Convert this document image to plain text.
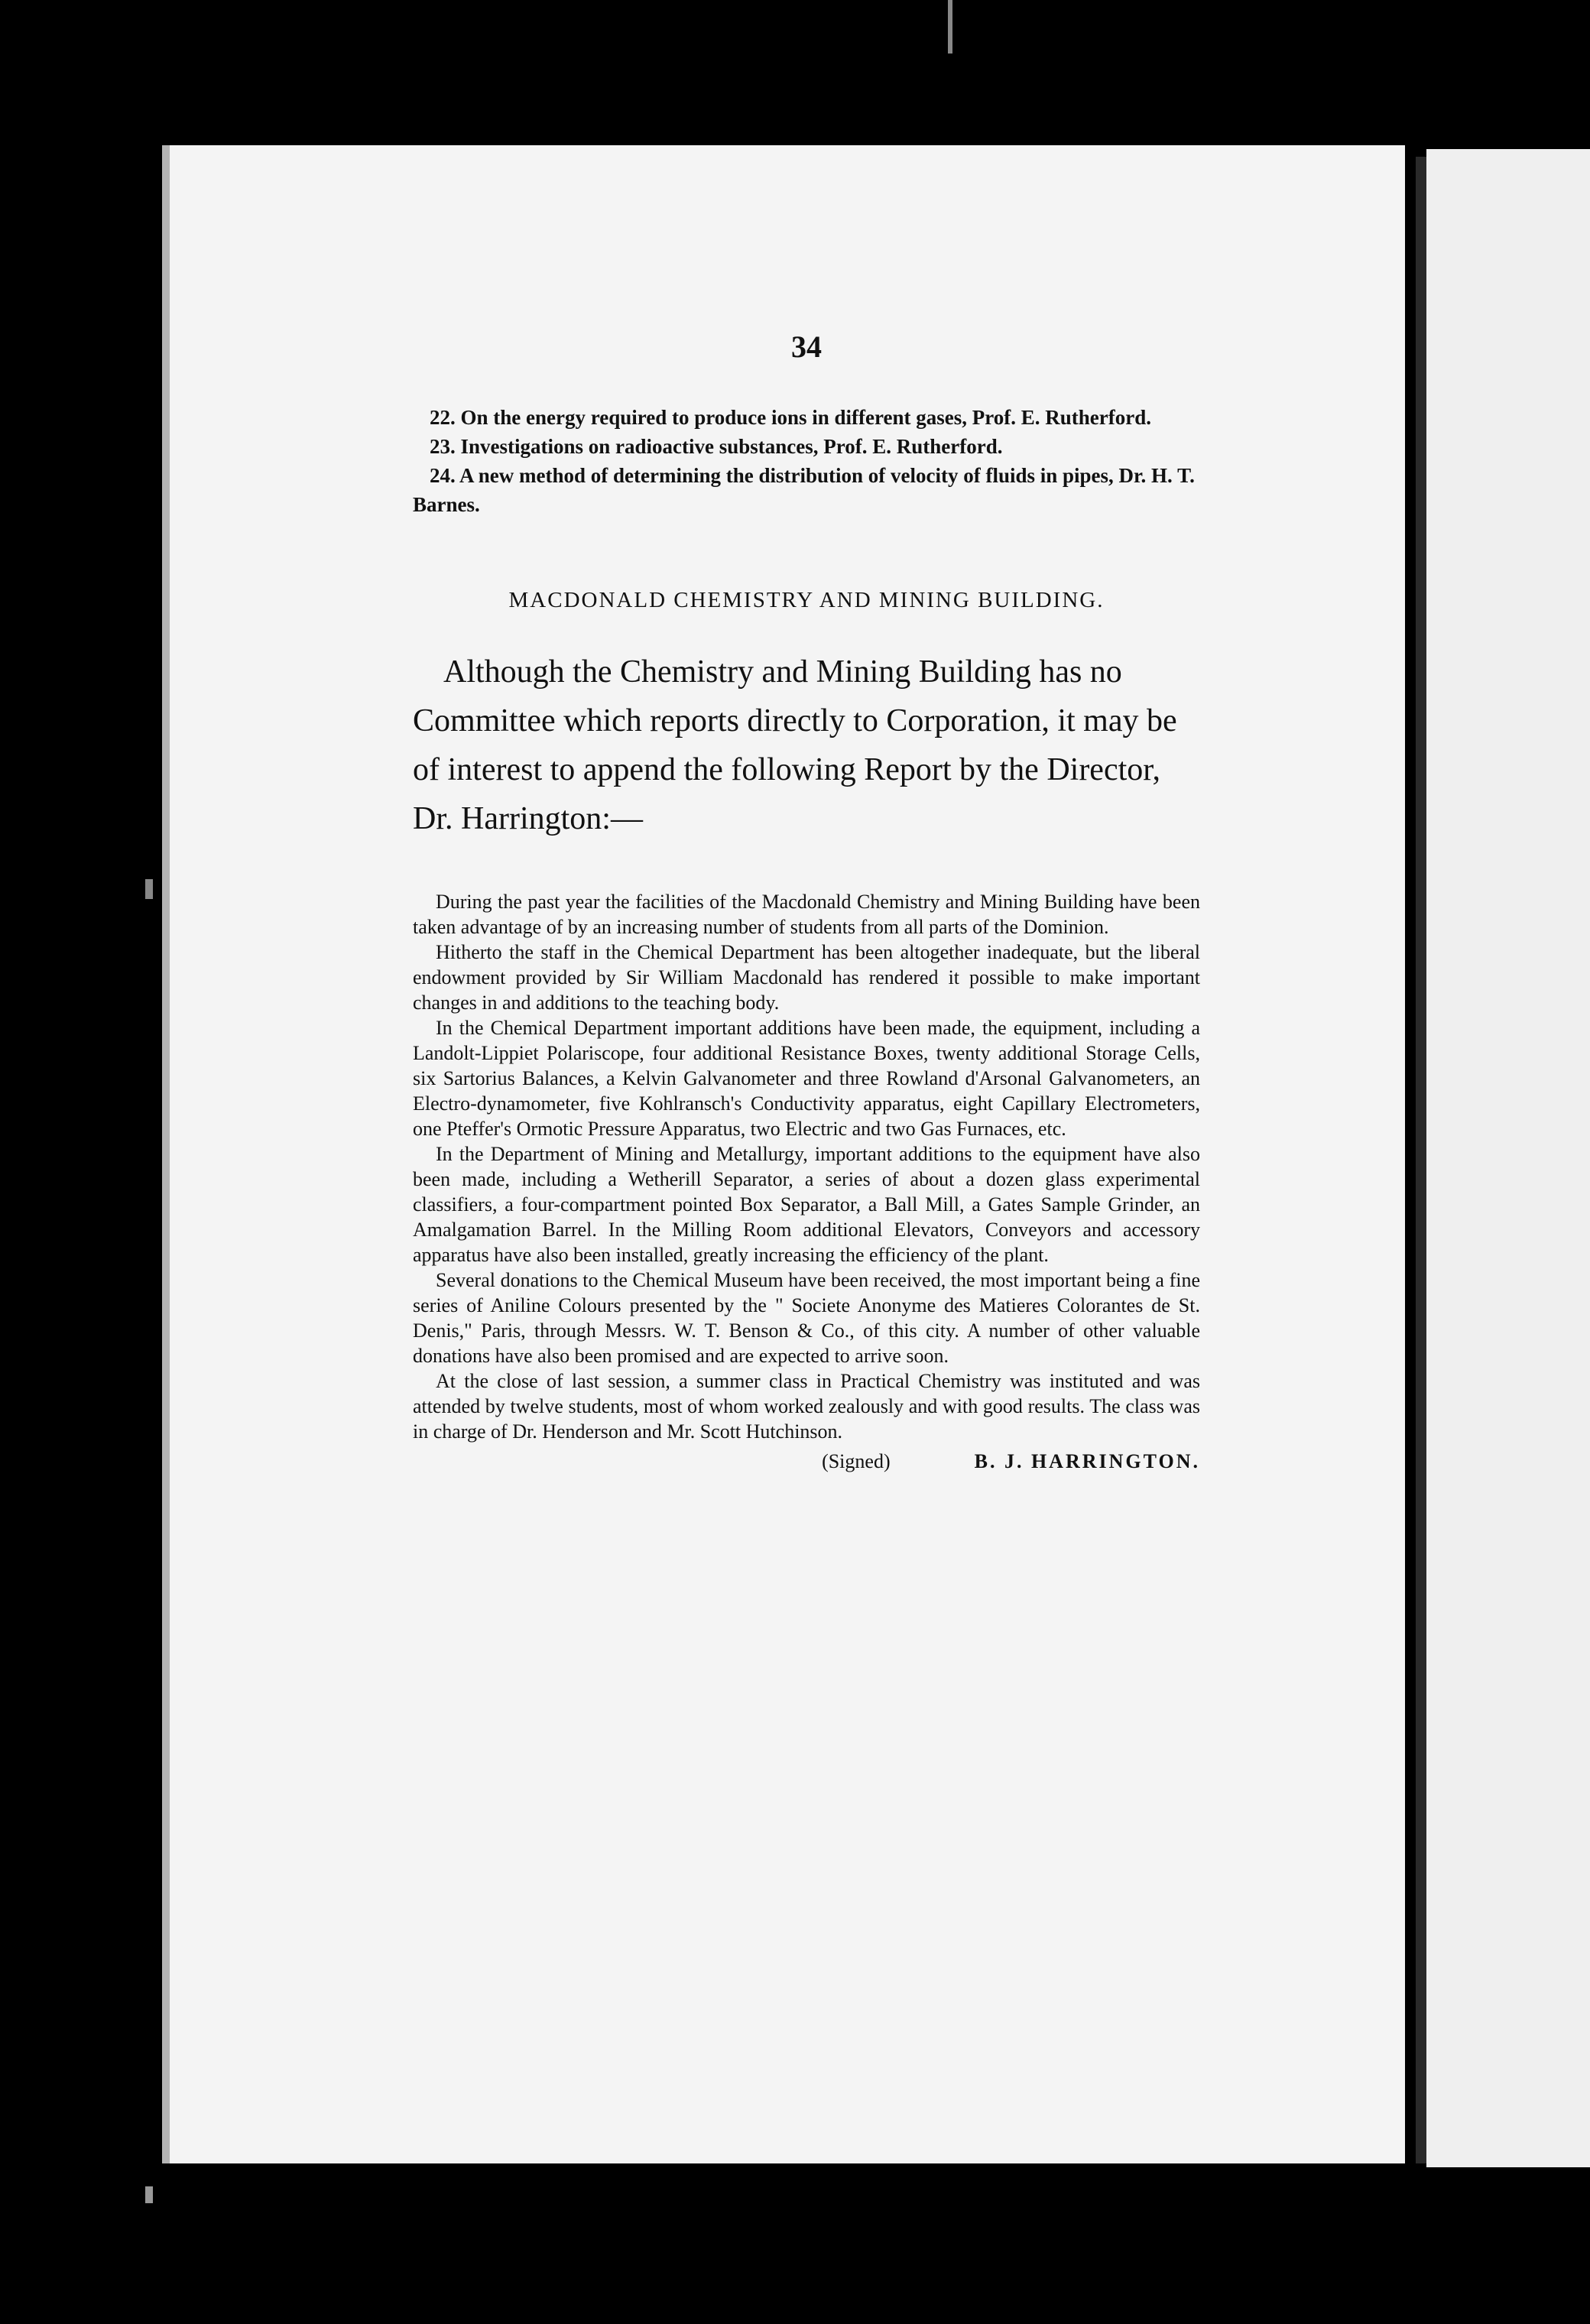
34

22. On the energy required to produce ions in different gases, Prof. E. Rutherford.

23. Investigations on radioactive substances, Prof. E. Rutherford.

24. A new method of determining the distribution of velocity of fluids in pipes, Dr. H. T. Barnes.

MACDONALD CHEMISTRY AND MINING BUILDING.

Although the Chemistry and Mining Building has no Committee which reports directly to Corporation, it may be of interest to append the following Report by the Director, Dr. Harrington:—

During the past year the facilities of the Macdonald Chemistry and Mining Building have been taken advantage of by an increasing number of students from all parts of the Dominion.

Hitherto the staff in the Chemical Department has been altogether inadequate, but the liberal endowment provided by Sir William Macdonald has rendered it possible to make important changes in and additions to the teaching body.

In the Chemical Department important additions have been made, the equipment, including a Landolt-Lippiet Polariscope, four additional Resistance Boxes, twenty additional Storage Cells, six Sartorius Balances, a Kelvin Galvanometer and three Rowland d'Arsonal Galvanometers, an Electro-dynamometer, five Kohlransch's Conductivity apparatus, eight Capillary Electrometers, one Pteffer's Ormotic Pressure Apparatus, two Electric and two Gas Furnaces, etc.

In the Department of Mining and Metallurgy, important additions to the equipment have also been made, including a Wetherill Separator, a series of about a dozen glass experimental classifiers, a four-compartment pointed Box Separator, a Ball Mill, a Gates Sample Grinder, an Amalgamation Barrel. In the Milling Room additional Elevators, Conveyors and accessory apparatus have also been installed, greatly increasing the efficiency of the plant.

Several donations to the Chemical Museum have been received, the most important being a fine series of Aniline Colours presented by the " Societe Anonyme des Matieres Colorantes de St. Denis," Paris, through Messrs. W. T. Benson & Co., of this city. A number of other valuable donations have also been promised and are expected to arrive soon.

At the close of last session, a summer class in Practical Chemistry was instituted and was attended by twelve students, most of whom worked zealously and with good results. The class was in charge of Dr. Henderson and Mr. Scott Hutchinson.

(Signed)	B. J. HARRINGTON.
